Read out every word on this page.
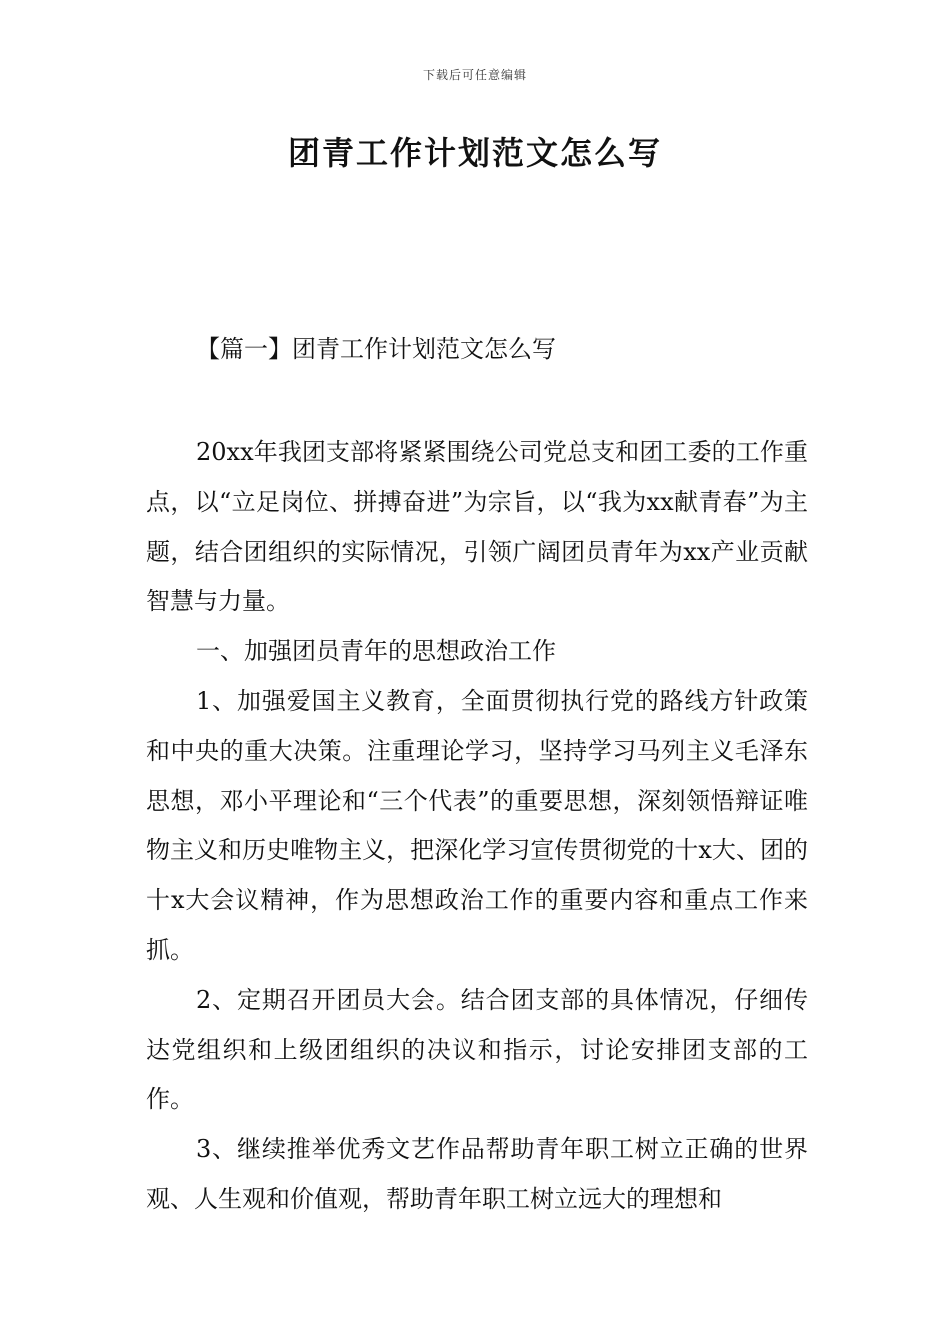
下载后可任意编辑
团青工作计划范文怎么写
【篇一】团青工作计划范文怎么写

20xx年我团支部将紧紧围绕公司党总支和团工委的工作重点，以“立足岗位、拼搏奋进”为宗旨，以“我为xx献青春”为主题，结合团组织的实际情况，引领广阔团员青年为xx产业贡献智慧与力量。

一、加强团员青年的思想政治工作

1、加强爱国主义教育，全面贯彻执行党的路线方针政策和中央的重大决策。注重理论学习，坚持学习马列主义毛泽东思想，邓小平理论和“三个代表”的重要思想，深刻领悟辩证唯物主义和历史唯物主义，把深化学习宣传贯彻党的十x大、团的十x大会议精神，作为思想政治工作的重要内容和重点工作来抓。

2、定期召开团员大会。结合团支部的具体情况，仔细传达党组织和上级团组织的决议和指示，讨论安排团支部的工作。

3、继续推举优秀文艺作品帮助青年职工树立正确的世界观、人生观和价值观，帮助青年职工树立远大的理想和
